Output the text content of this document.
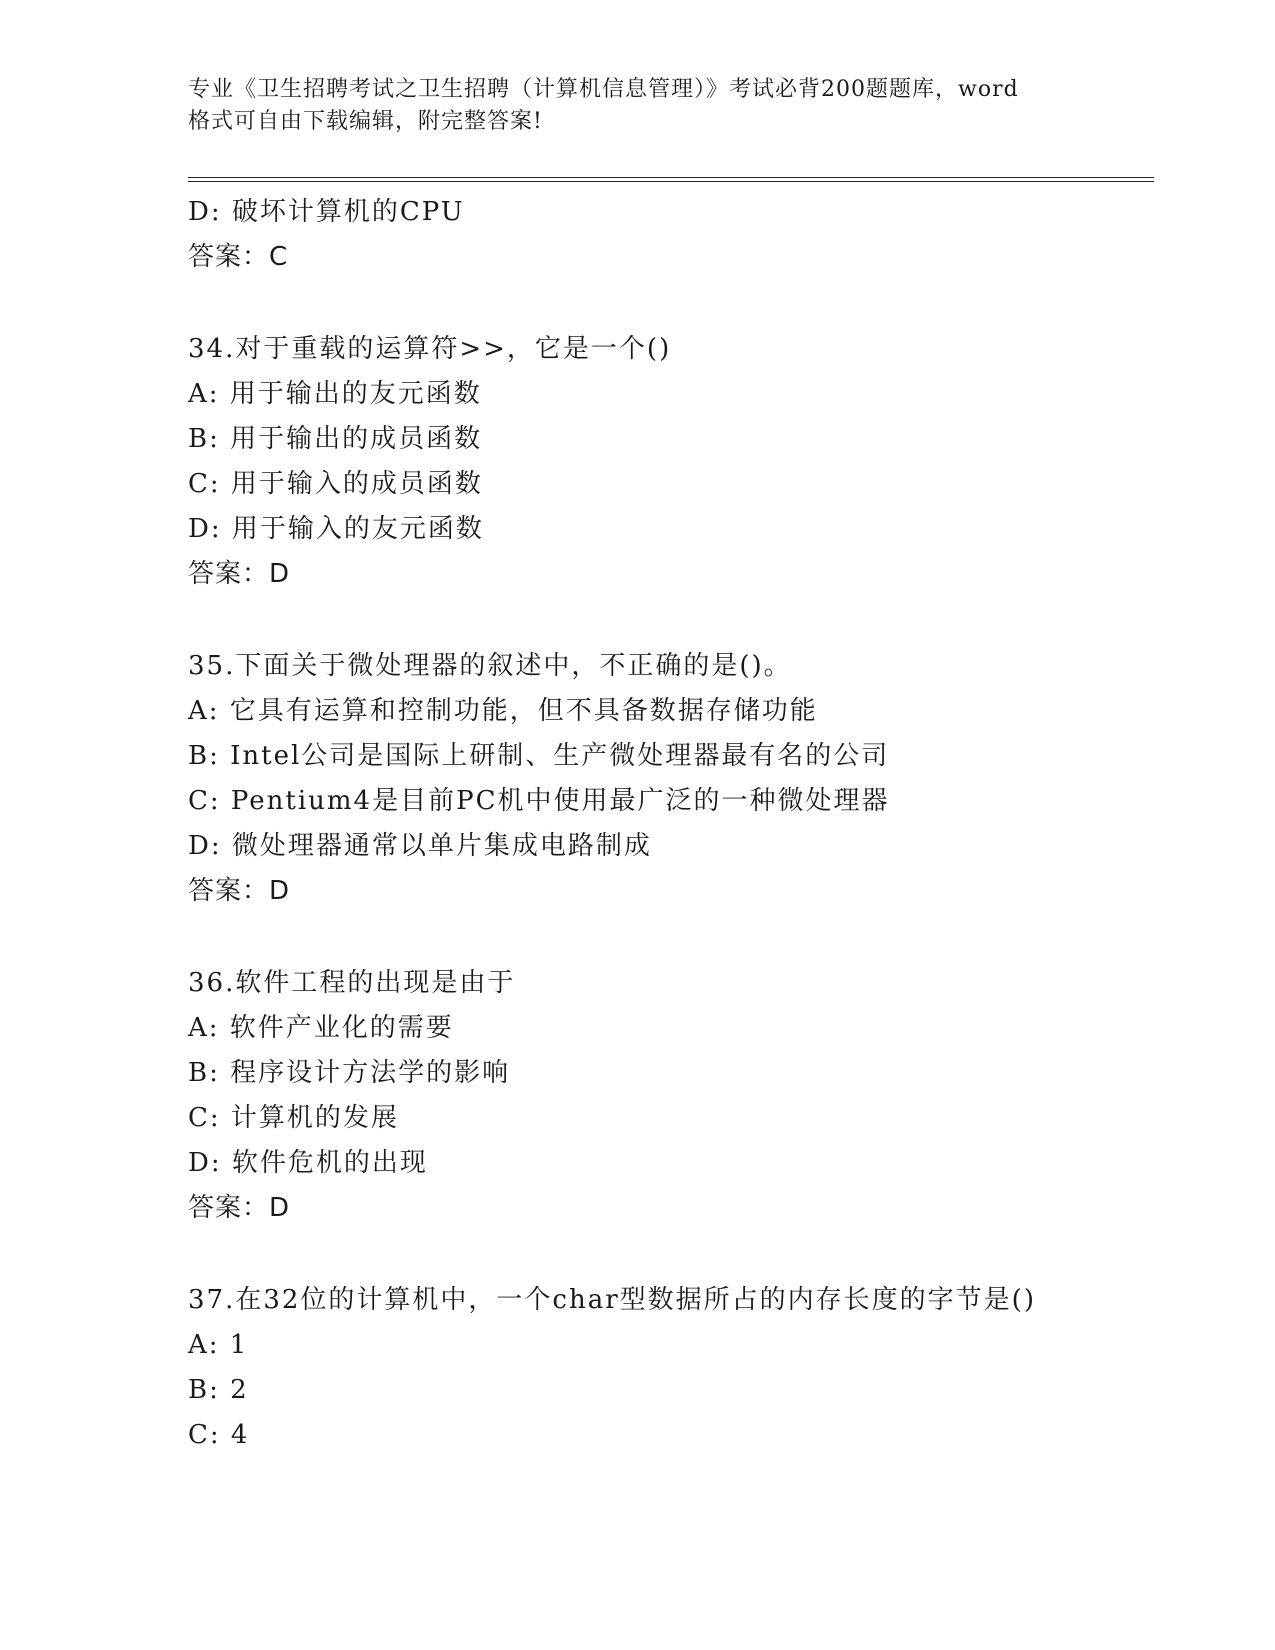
专业《卫生招聘考试之卫生招聘（计算机信息管理）》考试必背200题题库，word
格式可自由下载编辑，附完整答案!
D: 破坏计算机的CPU
答案：C
34.对于重载的运算符>>，它是一个()
A: 用于输出的友元函数
B: 用于输出的成员函数
C: 用于输入的成员函数
D: 用于输入的友元函数
答案：D
35.下面关于微处理器的叙述中，不正确的是()。
A: 它具有运算和控制功能，但不具备数据存储功能
B: Intel公司是国际上研制、生产微处理器最有名的公司
C: Pentium4是目前PC机中使用最广泛的一种微处理器
D: 微处理器通常以单片集成电路制成
答案：D
36.软件工程的出现是由于
A: 软件产业化的需要
B: 程序设计方法学的影响
C: 计算机的发展
D: 软件危机的出现
答案：D
37.在32位的计算机中，一个char型数据所占的内存长度的字节是()
A: 1
B: 2
C: 4
